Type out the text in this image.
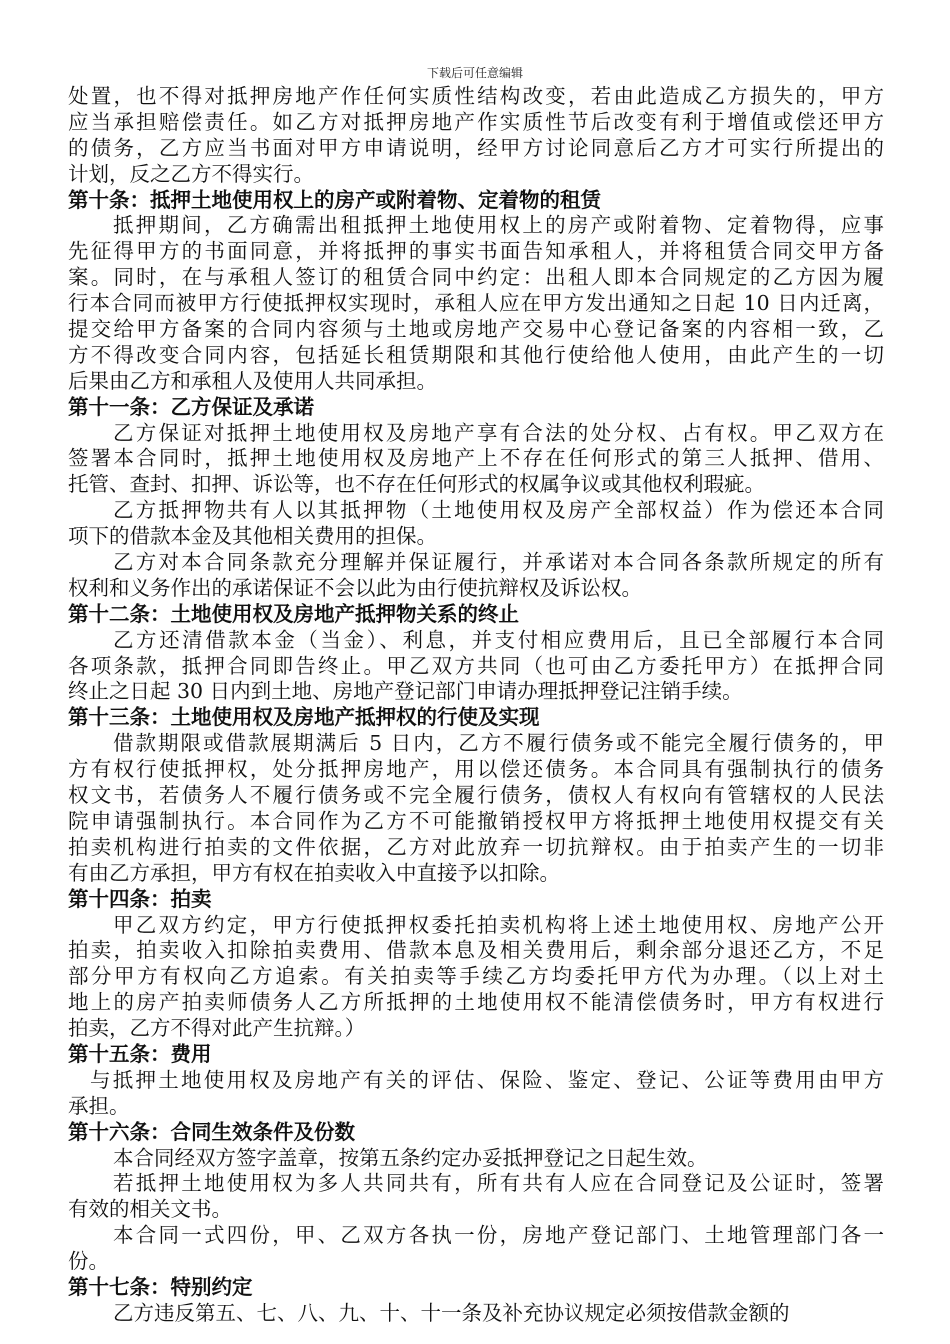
下载后可任意编辑
处置，也不得对抵押房地产作任何实质性结构改变，若由此造成乙方损失的，甲方
应当承担赔偿责任。如乙方对抵押房地产作实质性节后改变有利于增值或偿还甲方
的债务，乙方应当书面对甲方申请说明，经甲方讨论同意后乙方才可实行所提出的
计划，反之乙方不得实行。
第十条：抵押土地使用权上的房产或附着物、定着物的租赁
抵押期间，乙方确需出租抵押土地使用权上的房产或附着物、定着物得，应事
先征得甲方的书面同意，并将抵押的事实书面告知承租人，并将租赁合同交甲方备
案。同时，在与承租人签订的租赁合同中约定：出租人即本合同规定的乙方因为履
行本合同而被甲方行使抵押权实现时，承租人应在甲方发出通知之日起 10 日内迁离，
提交给甲方备案的合同内容须与土地或房地产交易中心登记备案的内容相一致，乙
方不得改变合同内容，包括延长租赁期限和其他行使给他人使用，由此产生的一切
后果由乙方和承租人及使用人共同承担。
第十一条：乙方保证及承诺
乙方保证对抵押土地使用权及房地产享有合法的处分权、占有权。甲乙双方在
签署本合同时，抵押土地使用权及房地产上不存在任何形式的第三人抵押、借用、
托管、查封、扣押、诉讼等，也不存在任何形式的权属争议或其他权利瑕疵。
乙方抵押物共有人以其抵押物（土地使用权及房产全部权益）作为偿还本合同
项下的借款本金及其他相关费用的担保。
乙方对本合同条款充分理解并保证履行，并承诺对本合同各条款所规定的所有
权利和义务作出的承诺保证不会以此为由行使抗辩权及诉讼权。
第十二条：土地使用权及房地产抵押物关系的终止
乙方还清借款本金（当金）、利息，并支付相应费用后，且已全部履行本合同
各项条款，抵押合同即告终止。甲乙双方共同（也可由乙方委托甲方）在抵押合同
终止之日起 30 日内到土地、房地产登记部门申请办理抵押登记注销手续。
第十三条：土地使用权及房地产抵押权的行使及实现
借款期限或借款展期满后 5 日内，乙方不履行债务或不能完全履行债务的，甲
方有权行使抵押权，处分抵押房地产，用以偿还债务。本合同具有强制执行的债务
权文书，若债务人不履行债务或不完全履行债务，债权人有权向有管辖权的人民法
院申请强制执行。本合同作为乙方不可能撤销授权甲方将抵押土地使用权提交有关
拍卖机构进行拍卖的文件依据，乙方对此放弃一切抗辩权。由于拍卖产生的一切非
有由乙方承担，甲方有权在拍卖收入中直接予以扣除。
第十四条：拍卖
甲乙双方约定，甲方行使抵押权委托拍卖机构将上述土地使用权、房地产公开
拍卖，拍卖收入扣除拍卖费用、借款本息及相关费用后，剩余部分退还乙方，不足
部分甲方有权向乙方追索。有关拍卖等手续乙方均委托甲方代为办理。（以上对土
地上的房产拍卖师债务人乙方所抵押的土地使用权不能清偿债务时，甲方有权进行
拍卖，乙方不得对此产生抗辩。）
第十五条：费用
与抵押土地使用权及房地产有关的评估、保险、鉴定、登记、公证等费用由甲方
承担。
第十六条：合同生效条件及份数
本合同经双方签字盖章，按第五条约定办妥抵押登记之日起生效。
若抵押土地使用权为多人共同共有，所有共有人应在合同登记及公证时，签署
有效的相关文书。
本合同一式四份，甲、乙双方各执一份，房地产登记部门、土地管理部门各一
份。
第十七条：特别约定
乙方违反第五、七、八、九、十、十一条及补充协议规定必须按借款金额的
